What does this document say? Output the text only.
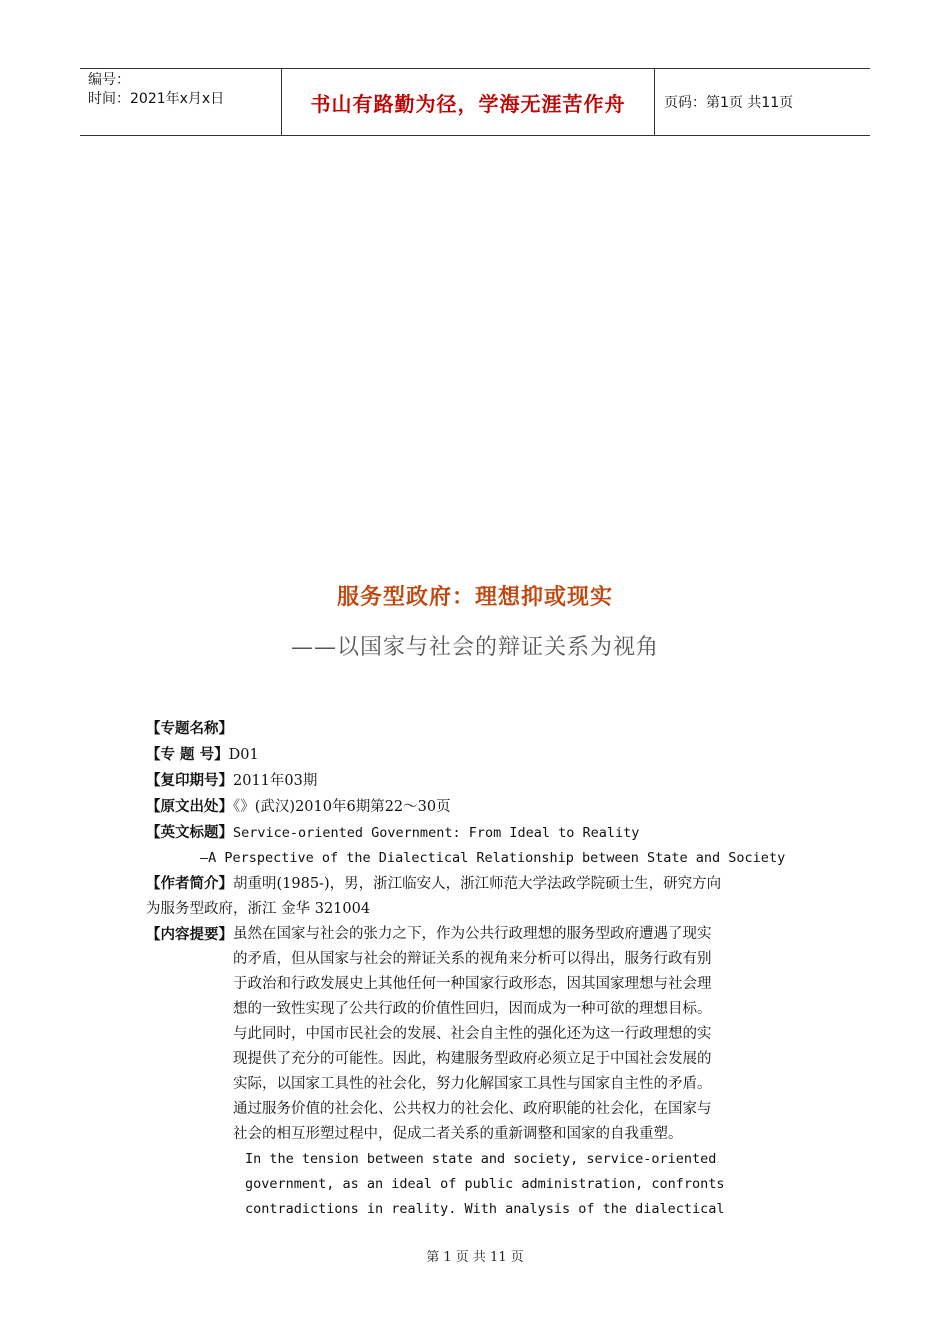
编号：
时间：2021年x月x日	书山有路勤为径，学海无涯苦作舟	页码：第1页 共11页
服务型政府：理想抑或现实
——以国家与社会的辩证关系为视角
【专题名称】
【专 题 号】D01
【复印期号】2011年03期
【原文出处】《》(武汉)2010年6期第22～30页
【英文标题】Service-oriented Government: From Ideal to Reality
—A Perspective of the Dialectical Relationship between State and Society
【作者简介】胡重明(1985-)，男，浙江临安人，浙江师范大学法政学院硕士生，研究方向
为服务型政府，浙江 金华 321004
【内容提要】 虽然在国家与社会的张力之下，作为公共行政理想的服务型政府遭遇了现实
的矛盾，但从国家与社会的辩证关系的视角来分析可以得出，服务行政有别
于政治和行政发展史上其他任何一种国家行政形态，因其国家理想与社会理
想的一致性实现了公共行政的价值性回归，因而成为一种可欲的理想目标。
与此同时，中国市民社会的发展、社会自主性的强化还为这一行政理想的实
现提供了充分的可能性。因此，构建服务型政府必须立足于中国社会发展的
实际，以国家工具性的社会化，努力化解国家工具性与国家自主性的矛盾。
通过服务价值的社会化、公共权力的社会化、政府职能的社会化，在国家与
社会的相互形塑过程中，促成二者关系的重新调整和国家的自我重塑。
In the tension between state and society, service-oriented
government, as an ideal of public administration, confronts
contradictions in reality. With analysis of the dialectical
第 1 页 共 11 页
